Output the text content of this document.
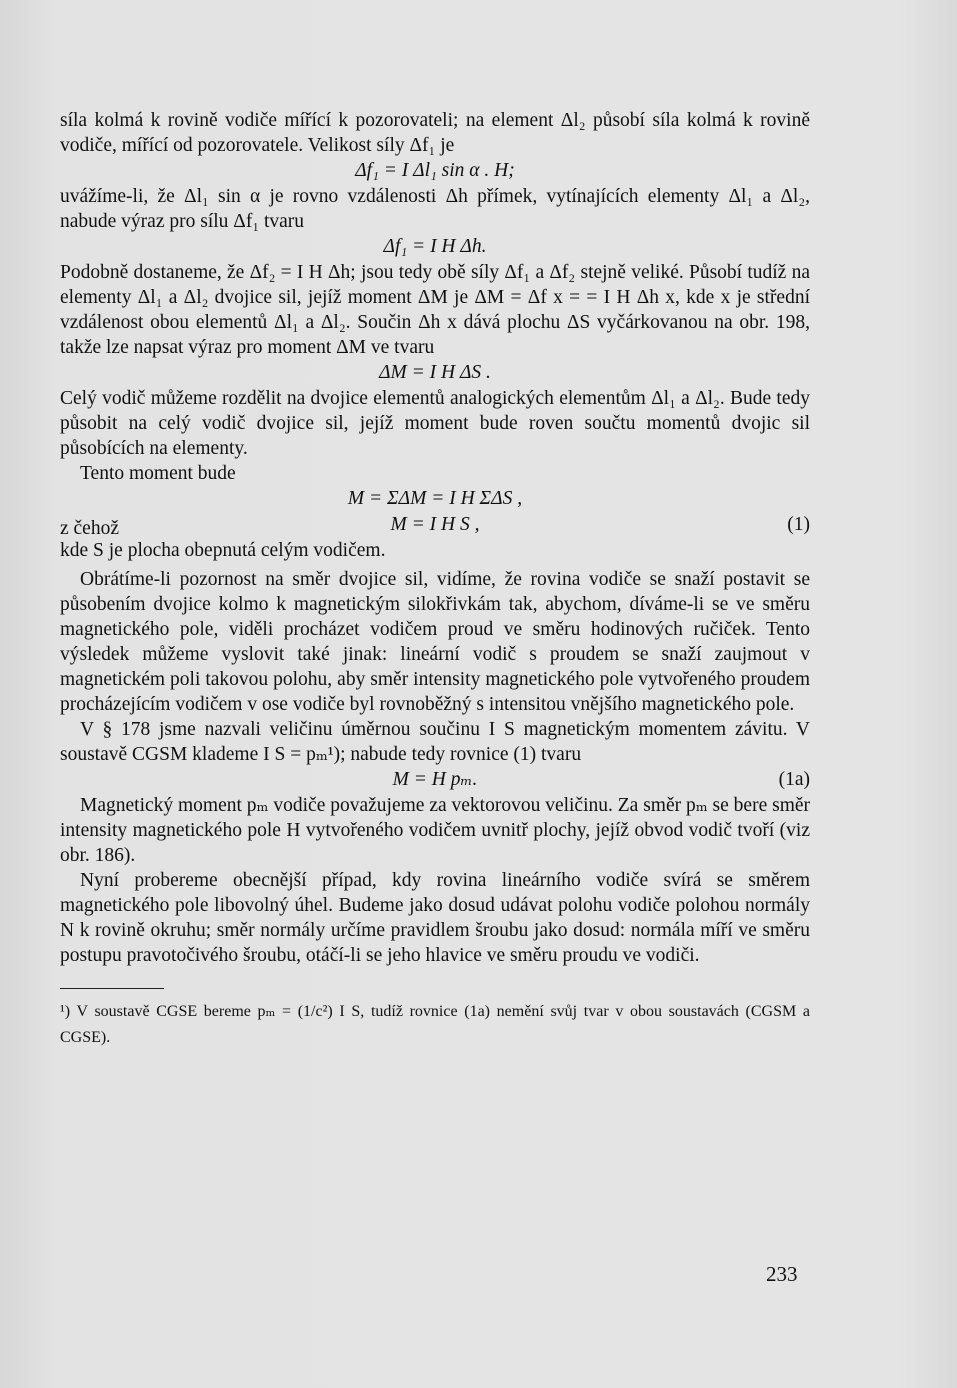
síla kolmá k rovině vodiče mířící k pozorovateli; na element Δl₂ působí síla kolmá k rovině vodiče, mířící od pozorovatele. Velikost síly Δf₁ je

Δf₁ = I Δl₁ sin α . H;

uvážíme-li, že Δl₁ sin α je rovno vzdálenosti Δh přímek, vytínajících elementy Δl₁ a Δl₂, nabude výraz pro sílu Δf₁ tvaru

Δf₁ = I H Δh.

Podobně dostaneme, že Δf₂ = I H Δh; jsou tedy obě síly Δf₁ a Δf₂ stejně veliké. Působí tudíž na elementy Δl₁ a Δl₂ dvojice sil, jejíž moment ΔM je ΔM = Δf x = = I H Δh x, kde x je střední vzdálenost obou elementů Δl₁ a Δl₂. Součin Δh x dává plochu ΔS vyčárkovanou na obr. 198, takže lze napsat výraz pro moment ΔM ve tvaru

ΔM = I H ΔS .

Celý vodič můžeme rozdělit na dvojice elementů analogických elementům Δl₁ a Δl₂. Bude tedy působit na celý vodič dvojice sil, jejíž moment bude roven součtu momentů dvojic sil působících na elementy.

Tento moment bude

M = ΣΔM = I H ΣΔS ,
z čehož	M = I H S ,	(1)

kde S je plocha obepnutá celým vodičem.

Obrátíme-li pozornost na směr dvojice sil, vidíme, že rovina vodiče se snaží postavit se působením dvojice kolmo k magnetickým silokřivkám tak, abychom, díváme-li se ve směru magnetického pole, viděli procházet vodičem proud ve směru hodinových ručiček. Tento výsledek můžeme vyslovit také jinak: lineární vodič s proudem se snaží zaujmout v magnetickém poli takovou polohu, aby směr intensity magnetického pole vytvořeného proudem procházejícím vodičem v ose vodiče byl rovnoběžný s intensitou vnějšího magnetického pole.

V § 178 jsme nazvali veličinu úměrnou součinu I S magnetickým momentem závitu. V soustavě CGSM klademe I S = pₘ¹); nabude tedy rovnice (1) tvaru

M = H pₘ.	(1a)

Magnetický moment pₘ vodiče považujeme za vektorovou veličinu. Za směr pₘ se bere směr intensity magnetického pole H vytvořeného vodičem uvnitř plochy, jejíž obvod vodič tvoří (viz obr. 186).

Nyní probereme obecnější případ, kdy rovina lineárního vodiče svírá se směrem magnetického pole libovolný úhel. Budeme jako dosud udávat polohu vodiče polohou normály N k rovině okruhu; směr normály určíme pravidlem šroubu jako dosud: normála míří ve směru postupu pravotočivého šroubu, otáčí-li se jeho hlavice ve směru proudu ve vodiči.

¹) V soustavě CGSE bereme pₘ = (1/c²) I S, tudíž rovnice (1a) nemění svůj tvar v obou soustavách (CGSM a CGSE).

233
